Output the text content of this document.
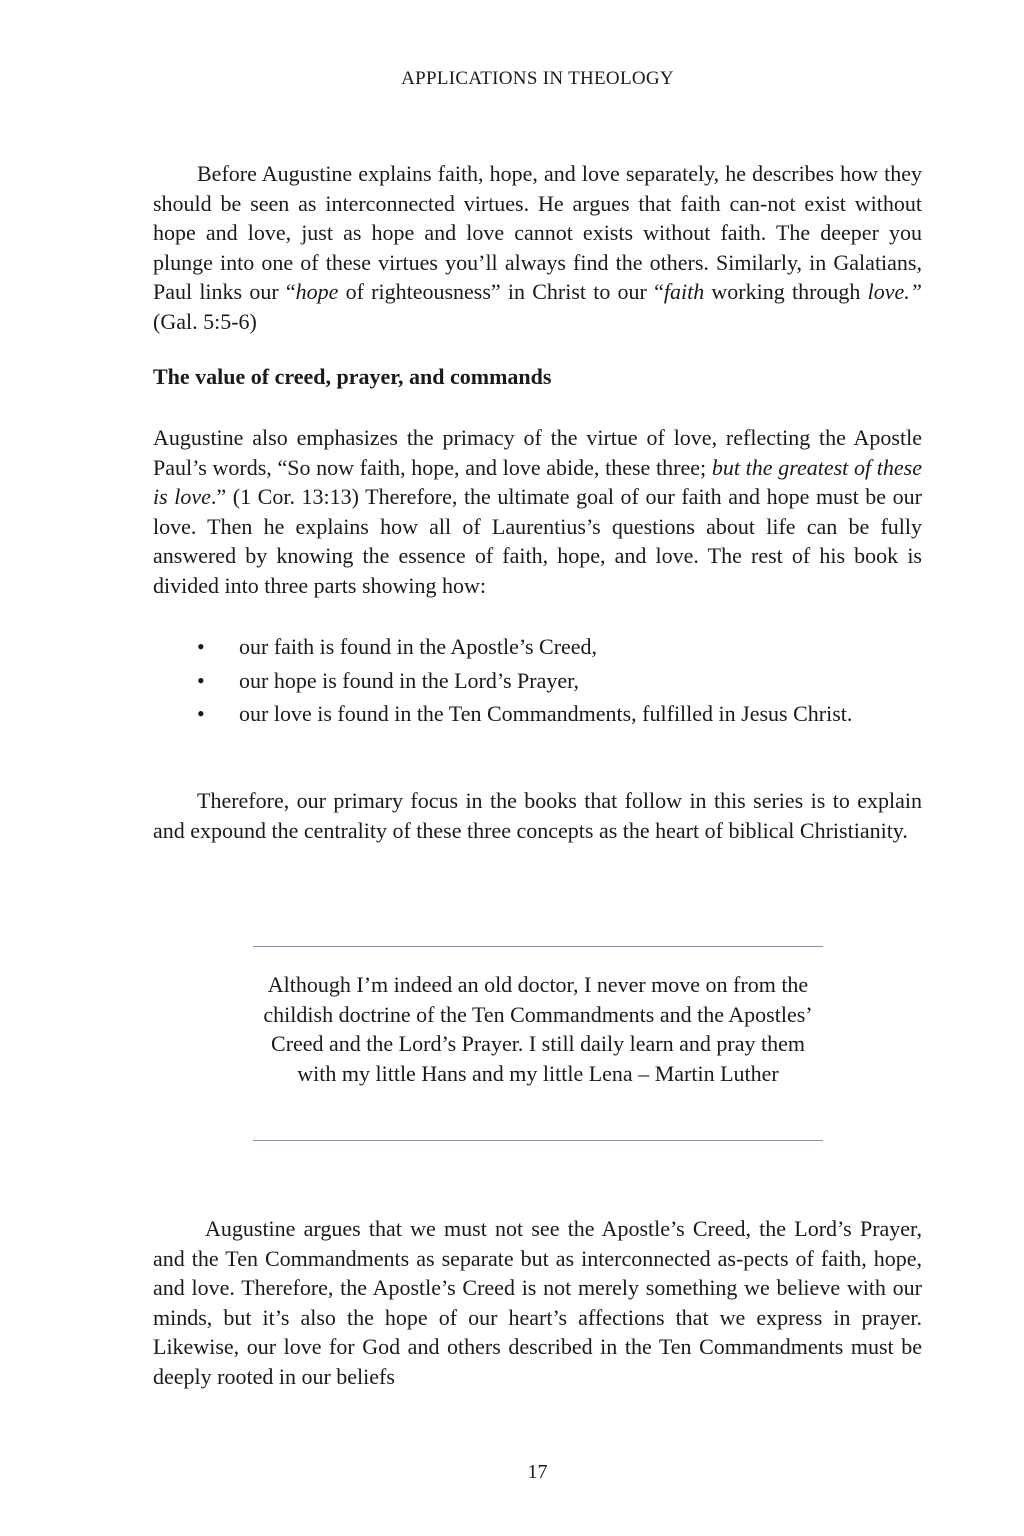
APPLICATIONS IN THEOLOGY

Before Augustine explains faith, hope, and love separately, he describes how they should be seen as interconnected virtues. He argues that faith can-not exist without hope and love, just as hope and love cannot exists without faith. The deeper you plunge into one of these virtues you’ll always find the others. Similarly, in Galatians, Paul links our “hope of righteousness” in Christ to our “faith working through love.” (Gal. 5:5-6)

The value of creed, prayer, and commands

Augustine also emphasizes the primacy of the virtue of love, reflecting the Apostle Paul’s words, “So now faith, hope, and love abide, these three; but the greatest of these is love.” (1 Cor. 13:13) Therefore, the ultimate goal of our faith and hope must be our love. Then he explains how all of Laurentius’s questions about life can be fully answered by knowing the essence of faith, hope, and love. The rest of his book is divided into three parts showing how:

• our faith is found in the Apostle’s Creed,
• our hope is found in the Lord’s Prayer,
• our love is found in the Ten Commandments, fulfilled in Jesus Christ.

Therefore, our primary focus in the books that follow in this series is to explain and expound the centrality of these three concepts as the heart of biblical Christianity.

Although I’m indeed an old doctor, I never move on from the childish doctrine of the Ten Commandments and the Apostles’ Creed and the Lord’s Prayer. I still daily learn and pray them with my little Hans and my little Lena – Martin Luther

Augustine argues that we must not see the Apostle’s Creed, the Lord’s Prayer, and the Ten Commandments as separate but as interconnected as-pects of faith, hope, and love. Therefore, the Apostle’s Creed is not merely something we believe with our minds, but it’s also the hope of our heart’s affections that we express in prayer. Likewise, our love for God and others described in the Ten Commandments must be deeply rooted in our beliefs

17
